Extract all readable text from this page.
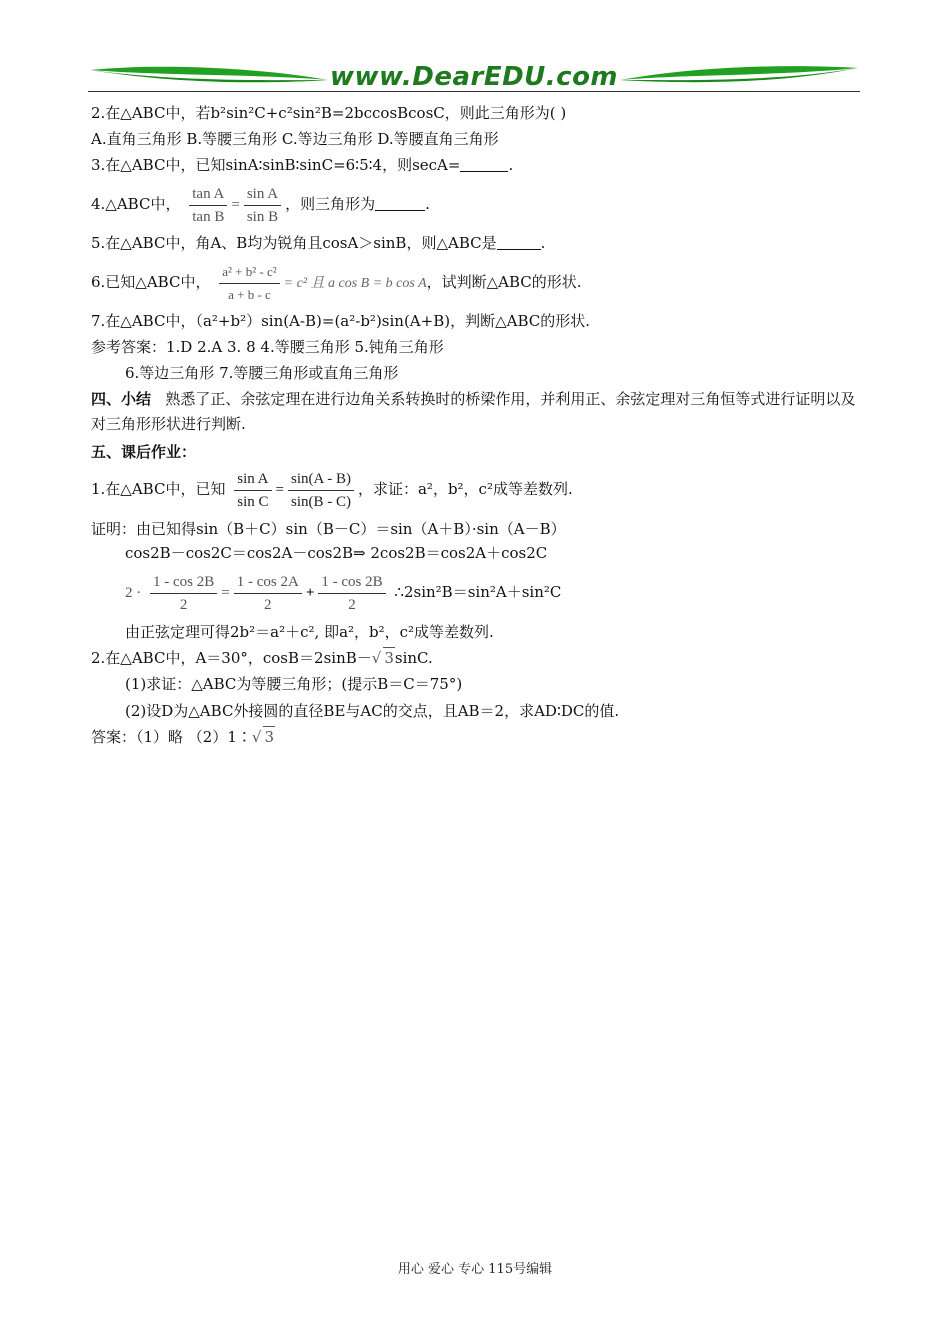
www.DearEDU.com
2.在△ABC中，若b²sin²C+c²sin²B=2bccosBcosC，则此三角形为( )
A.直角三角形 B.等腰三角形 C.等边三角形 D.等腰直角三角形
3.在△ABC中，已知sinA∶sinB∶sinC=6∶5∶4，则secA=	.
4.△ABC中， $\frac{\text{tan A}}{\text{tan B}} = \frac{\text{sin A}}{\text{sin B}}$ ，则三角形为	.
5.在△ABC中，角A、B均为锐角且cosA＞sinB，则△ABC是	.
6.已知△ABC中， $\frac{\text{a² + b² - c²}}{a + b - c} = c^2$ 且 a cos B = b cos A，试判断△ABC的形状.
7.在△ABC中，（a²+b²）sin(A-B)=(a²-b²)sin(A+B)，判断△ABC的形状.
参考答案：1.D 2.A 3. 8 4.等腰三角形 5.钝角三角形
6.等边三角形 7.等腰三角形或直角三角形
四、小结 熟悉了正、余弦定理在进行边角关系转换时的桥梁作用，并利用正、余弦定理对三角恒等式进行证明以及对三角形形状进行判断.
五、课后作业：
1.在△ABC中，已知 $\frac{\text{sin A}}{\text{sin C}} = \frac{\sin(A - B)}{\sin(B - C)}$ ，求证：a²，b²，c²成等差数列.
证明：由已知得sin（B＋C）sin（B－C）＝sin（A＋B）·sin（A－B）
cos2B－cos2C＝cos2A－cos2B⇒ 2cos2B＝cos2A＋cos2C
$2 \cdot \frac{1 - \cos 2B}{2} = \frac{1 - \cos 2A}{2} + \frac{1 - \cos 2B}{2}$ ∴2sin²B＝sin²A＋sin²C
由正弦定理可得2b²＝a²＋c², 即a²，b²，c²成等差数列.
2.在△ABC中，A＝30°，cosB＝2sinB－√ 3sinC.
(1)求证：△ABC为等腰三角形；(提示B＝C＝75°)
(2)设D为△ABC外接圆的直径BE与AC的交点，且AB＝2，求AD∶DC的值.
答案：（1）略 （2）1∶√ 3
用心 爱心 专心 115号编辑
